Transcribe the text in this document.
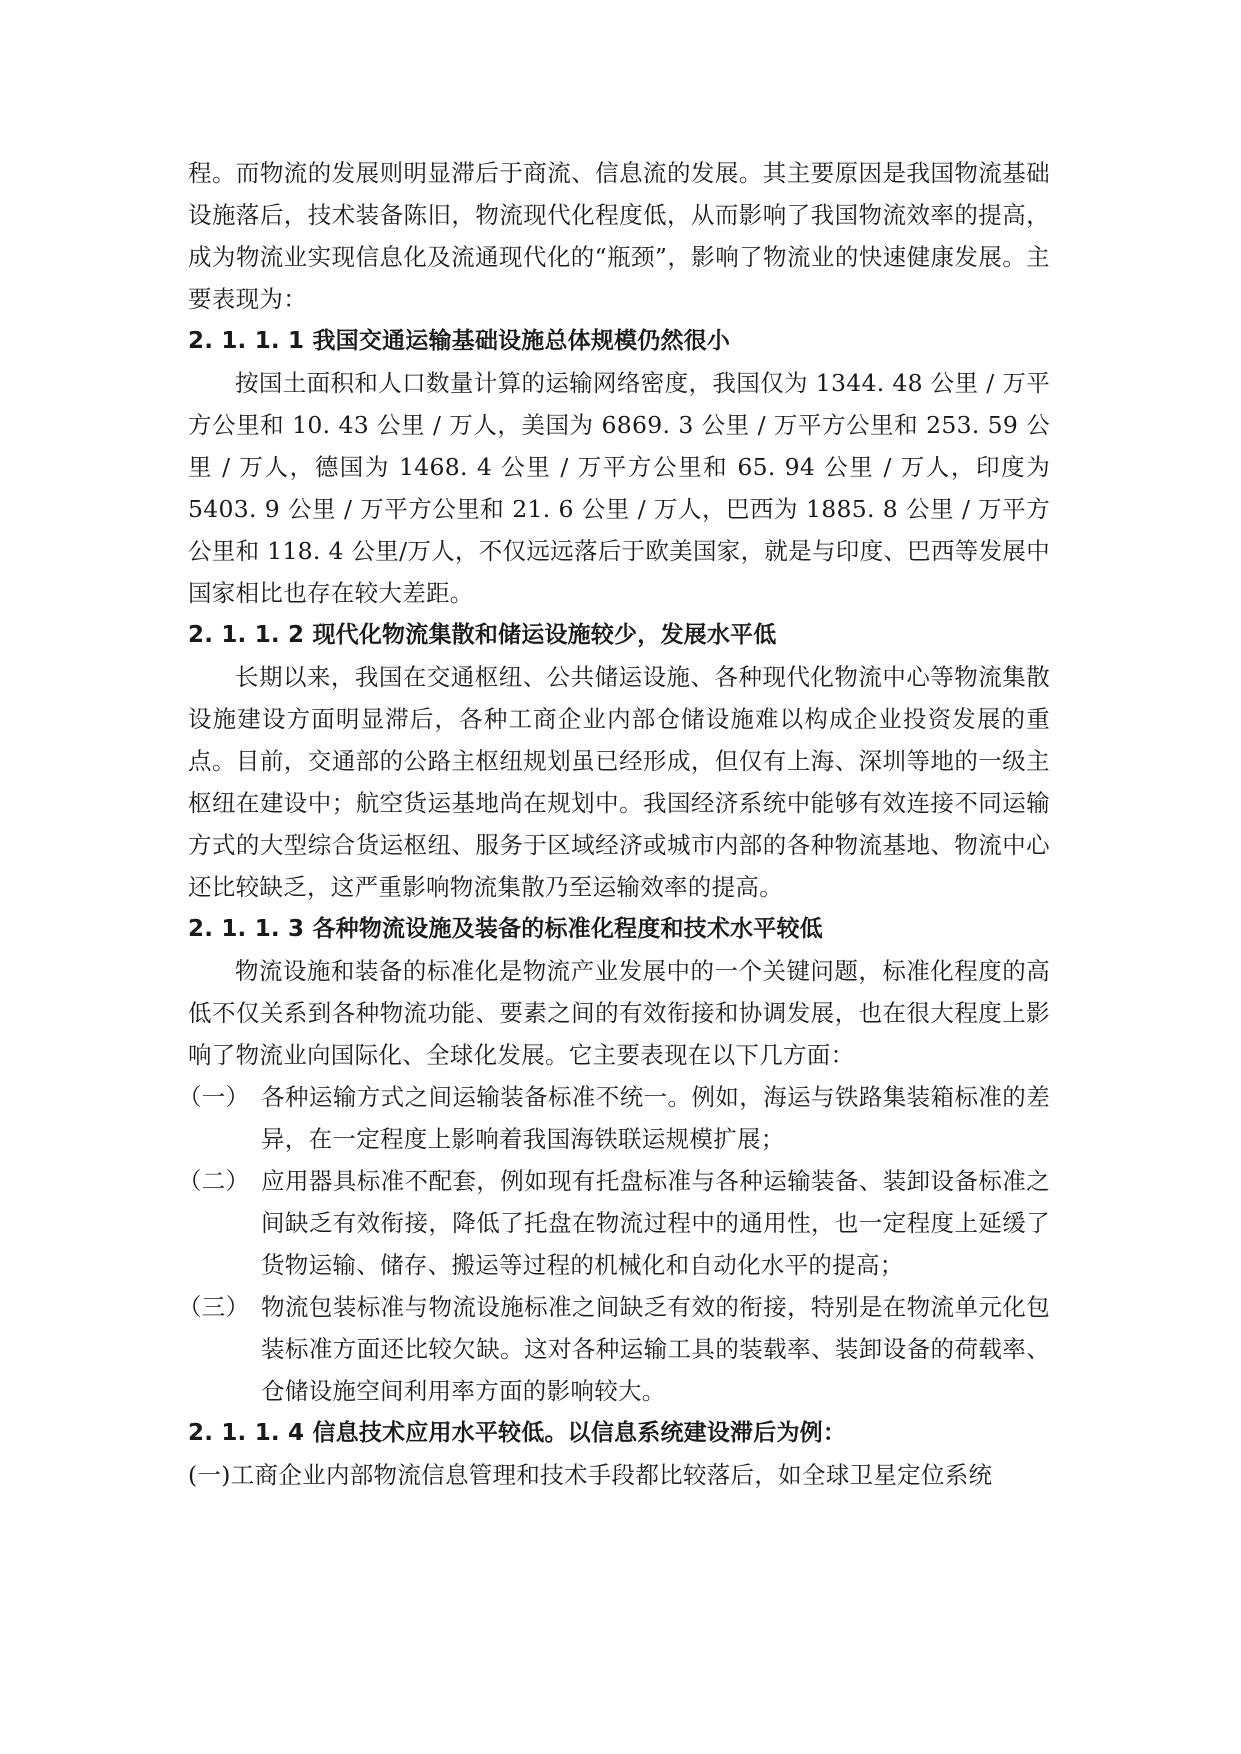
程。而物流的发展则明显滞后于商流、信息流的发展。其主要原因是我国物流基础设施落后，技术装备陈旧，物流现代化程度低，从而影响了我国物流效率的提高，成为物流业实现信息化及流通现代化的“瓶颈”，影响了物流业的快速健康发展。主要表现为：

2. 1. 1. 1 我国交通运输基础设施总体规模仍然很小

按国土面积和人口数量计算的运输网络密度，我国仅为 1344. 48 公里 / 万平方公里和 10. 43 公里 / 万人，美国为 6869. 3 公里 / 万平方公里和 253. 59 公里 / 万人，德国为 1468. 4 公里 / 万平方公里和 65. 94 公里 / 万人，印度为 5403. 9 公里 / 万平方公里和 21. 6 公里 / 万人，巴西为 1885. 8 公里 / 万平方公里和 118. 4 公里/万人，不仅远远落后于欧美国家，就是与印度、巴西等发展中国家相比也存在较大差距。

2. 1. 1. 2 现代化物流集散和储运设施较少，发展水平低

长期以来，我国在交通枢纽、公共储运设施、各种现代化物流中心等物流集散设施建设方面明显滞后，各种工商企业内部仓储设施难以构成企业投资发展的重点。目前，交通部的公路主枢纽规划虽已经形成，但仅有上海、深圳等地的一级主枢纽在建设中；航空货运基地尚在规划中。我国经济系统中能够有效连接不同运输方式的大型综合货运枢纽、服务于区域经济或城市内部的各种物流基地、物流中心还比较缺乏，这严重影响物流集散乃至运输效率的提高。

2. 1. 1. 3 各种物流设施及装备的标准化程度和技术水平较低

物流设施和装备的标准化是物流产业发展中的一个关键问题，标准化程度的高低不仅关系到各种物流功能、要素之间的有效衔接和协调发展，也在很大程度上影响了物流业向国际化、全球化发展。它主要表现在以下几方面：

（一） 各种运输方式之间运输装备标准不统一。例如，海运与铁路集装箱标准的差异，在一定程度上影响着我国海铁联运规模扩展；

（二） 应用器具标准不配套，例如现有托盘标准与各种运输装备、装卸设备标准之间缺乏有效衔接，降低了托盘在物流过程中的通用性，也一定程度上延缓了货物运输、储存、搬运等过程的机械化和自动化水平的提高；

（三） 物流包装标准与物流设施标准之间缺乏有效的衔接，特别是在物流单元化包装标准方面还比较欠缺。这对各种运输工具的装载率、装卸设备的荷载率、仓储设施空间利用率方面的影响较大。

2. 1. 1. 4 信息技术应用水平较低。以信息系统建设滞后为例：

(一)工商企业内部物流信息管理和技术手段都比较落后，如全球卫星定位系统
